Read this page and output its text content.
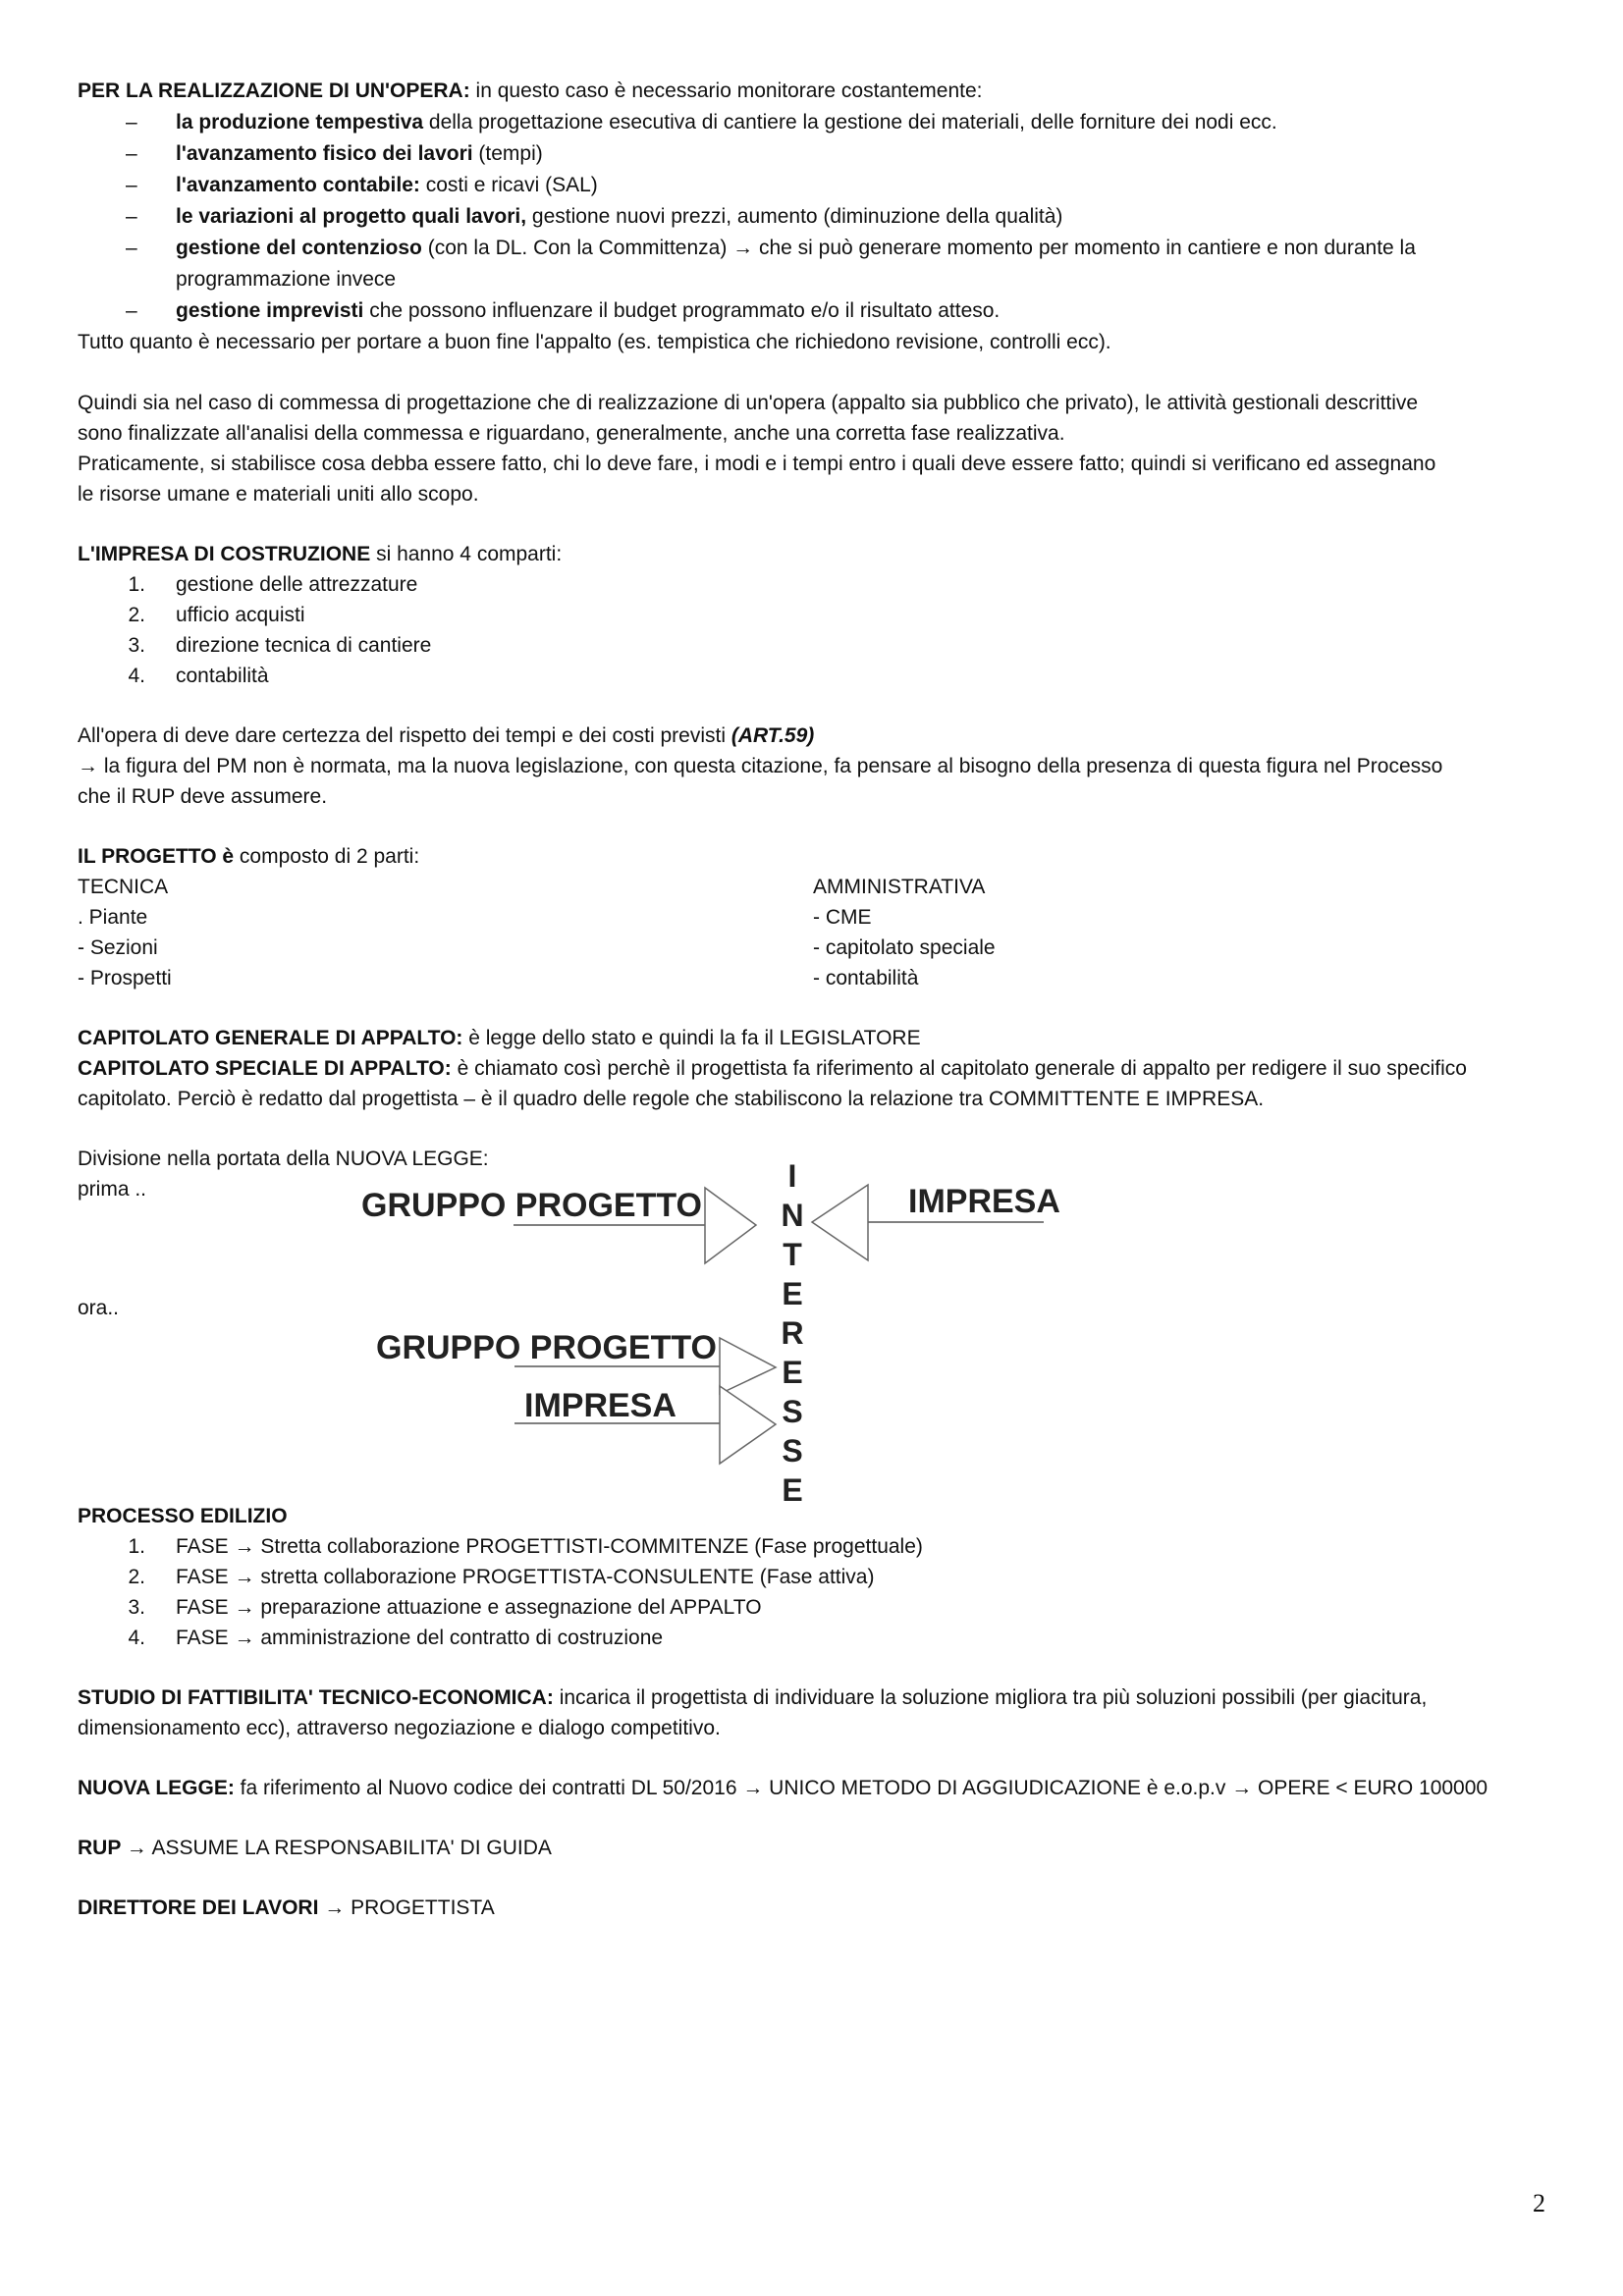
PER LA REALIZZAZIONE DI UN'OPERA: in questo caso è necessario monitorare costantemente:
– la produzione tempestiva della progettazione esecutiva di cantiere la gestione dei materiali, delle forniture dei nodi ecc.
– l'avanzamento fisico dei lavori (tempi)
– l'avanzamento contabile: costi e ricavi (SAL)
– le variazioni al progetto quali lavori, gestione nuovi prezzi, aumento (diminuzione della qualità)
– gestione del contenzioso (con la DL. Con la Committenza) → che si può generare momento per momento in cantiere e non durante la
programmazione invece
– gestione imprevisti che possono influenzare il budget programmato e/o il risultato atteso.
Tutto quanto è necessario per portare a buon fine l'appalto (es. tempistica che richiedono revisione, controlli ecc).
Quindi sia nel caso di commessa di progettazione che di realizzazione di un'opera (appalto sia pubblico che privato), le attività gestionali descrittive
sono finalizzate all'analisi della commessa e riguardano, generalmente, anche una corretta fase realizzativa.
Praticamente, si stabilisce cosa debba essere fatto, chi lo deve fare, i modi e i tempi entro i quali deve essere fatto; quindi si verificano ed assegnano
le risorse umane e materiali uniti allo scopo.
L'IMPRESA DI COSTRUZIONE si hanno 4 comparti:
1. gestione delle attrezzature
2. ufficio acquisti
3. direzione tecnica di cantiere
4. contabilità
All'opera di deve dare certezza del rispetto dei tempi e dei costi previsti (ART.59)
→ la figura del PM non è normata, ma la nuova legislazione, con questa citazione, fa pensare al bisogno della presenza di questa figura nel Processo
che il RUP deve assumere.
IL PROGETTO è composto di 2 parti:
TECNICA
. Piante
- Sezioni
- Prospetti
AMMINISTRATIVA
- CME
- capitolato speciale
- contabilità
CAPITOLATO GENERALE DI APPALTO: è legge dello stato e quindi la fa il LEGISLATORE
CAPITOLATO SPECIALE DI APPALTO: è chiamato così perchè il progettista fa riferimento al capitolato generale di appalto per redigere il suo specifico
capitolato. Perciò è redatto dal progettista – è il quadro delle regole che stabiliscono la relazione tra COMMITTENTE E IMPRESA.
Divisione nella portata della NUOVA LEGGE:
prima ..
ora..
GRUPPO PROGETTO	IMPRESA
GRUPPO PROGETTO
IMPRESA
I
N
T
E
R
E
S
S
E
PROCESSO EDILIZIO
1. FASE → Stretta collaborazione PROGETTISTI-COMMITENZE (Fase progettuale)
2. FASE → stretta collaborazione PROGETTISTA-CONSULENTE (Fase attiva)
3. FASE → preparazione attuazione e assegnazione del APPALTO
4. FASE → amministrazione del contratto di costruzione
STUDIO DI FATTIBILITA' TECNICO-ECONOMICA: incarica il progettista di individuare la soluzione migliora tra più soluzioni possibili (per giacitura,
dimensionamento ecc), attraverso negoziazione e dialogo competitivo.
NUOVA LEGGE: fa riferimento al Nuovo codice dei contratti DL 50/2016 → UNICO METODO DI AGGIUDICAZIONE è e.o.p.v → OPERE < EURO 100000
RUP → ASSUME LA RESPONSABILITA' DI GUIDA
DIRETTORE DEI LAVORI → PROGETTISTA
2
